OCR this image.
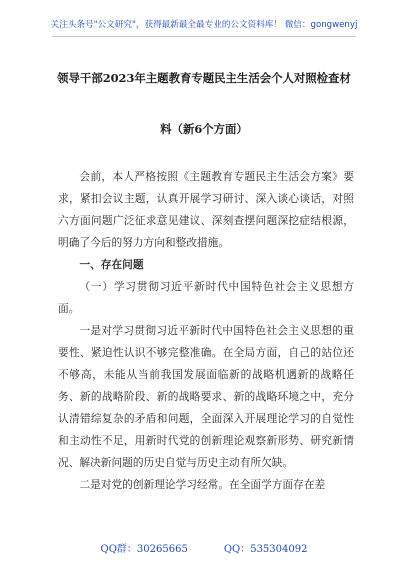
关注头条号"公文研究"，获得最新最全最专业的公文资料库！ 微信：gongwenyj
领导干部2023年主题教育专题民主生活会个人对照检查材
料（新6个方面）

会前，本人严格按照《主题教育专题民主生活会方案》要求，紧扣会议主题，认真开展学习研讨、深入谈心谈话，对照六方面问题广泛征求意见建议、深刻查摆问题深挖症结根源，明确了今后的努力方向和整改措施。

一、存在问题

（一）学习贯彻习近平新时代中国特色社会主义思想方面。

一是对学习贯彻习近平新时代中国特色社会主义思想的重要性、紧迫性认识不够完整准确。在全局方面，自己的站位还不够高，未能从当前我国发展面临新的战略机遇新的战略任务、新的战略阶段、新的战略要求、新的战略环境之中，充分认清错综复杂的矛盾和问题，全面深入开展理论学习的自觉性和主动性不足，用新时代党的创新理论观察新形势、研究新情况、解决新问题的历史自觉与历史主动有所欠缺。

二是对党的创新理论学习经常。在全面学方面存在差

QQ群：30265665	QQ：535304092
